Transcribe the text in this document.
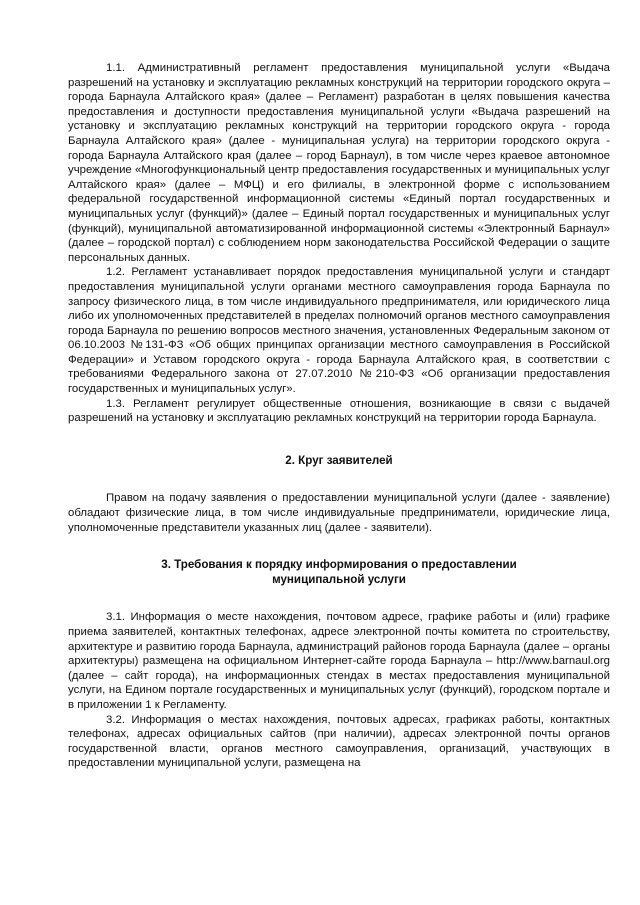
1.1. Административный регламент предоставления муниципальной услуги «Выдача разрешений на установку и эксплуатацию рекламных конструкций на территории городского округа – города Барнаула Алтайского края» (далее – Регламент) разработан в целях повышения качества предоставления и доступности предоставления муниципальной услуги «Выдача разрешений на установку и эксплуатацию рекламных конструкций на территории городского округа - города Барнаула Алтайского края» (далее - муниципальная услуга) на территории городского округа - города Барнаула Алтайского края (далее – город Барнаул), в том числе через краевое автономное учреждение «Многофункциональный центр предоставления государственных и муниципальных услуг Алтайского края» (далее – МФЦ) и его филиалы, в электронной форме с использованием федеральной государственной информационной системы «Единый портал государственных и муниципальных услуг (функций)» (далее – Единый портал государственных и муниципальных услуг (функций), муниципальной автоматизированной информационной системы «Электронный Барнаул» (далее – городской портал) с соблюдением норм законодательства Российской Федерации о защите персональных данных.

1.2. Регламент устанавливает порядок предоставления муниципальной услуги и стандарт предоставления муниципальной услуги органами местного самоуправления города Барнаула по запросу физического лица, в том числе индивидуального предпринимателя, или юридического лица либо их уполномоченных представителей в пределах полномочий органов местного самоуправления города Барнаула по решению вопросов местного значения, установленных Федеральным законом от 06.10.2003 №131-ФЗ «Об общих принципах организации местного самоуправления в Российской Федерации» и Уставом городского округа - города Барнаула Алтайского края, в соответствии с требованиями Федерального закона от 27.07.2010 №210-ФЗ «Об организации предоставления государственных и муниципальных услуг».

1.3. Регламент регулирует общественные отношения, возникающие в связи с выдачей разрешений на установку и эксплуатацию рекламных конструкций на территории города Барнаула.

2. Круг заявителей

Правом на подачу заявления о предоставлении муниципальной услуги (далее - заявление) обладают физические лица, в том числе индивидуальные предприниматели, юридические лица, уполномоченные представители указанных лиц (далее - заявители).

3. Требования к порядку информирования о предоставлении

муниципальной услуги

3.1. Информация о месте нахождения, почтовом адресе, графике работы и (или) графике приема заявителей, контактных телефонах, адресе электронной почты комитета по строительству, архитектуре и развитию города Барнаула, администраций районов города Барнаула (далее – органы архитектуры) размещена на официальном Интернет-сайте города Барнаула – http://www.barnaul.org (далее – сайт города), на информационных стендах в местах предоставления муниципальной услуги, на Едином портале государственных и муниципальных услуг (функций), городском портале и в приложении 1 к Регламенту.

3.2. Информация о местах нахождения, почтовых адресах, графиках работы, контактных телефонах, адресах официальных сайтов (при наличии), адресах электронной почты органов государственной власти, органов местного самоуправления, организаций, участвующих в предоставлении муниципальной услуги, размещена на
